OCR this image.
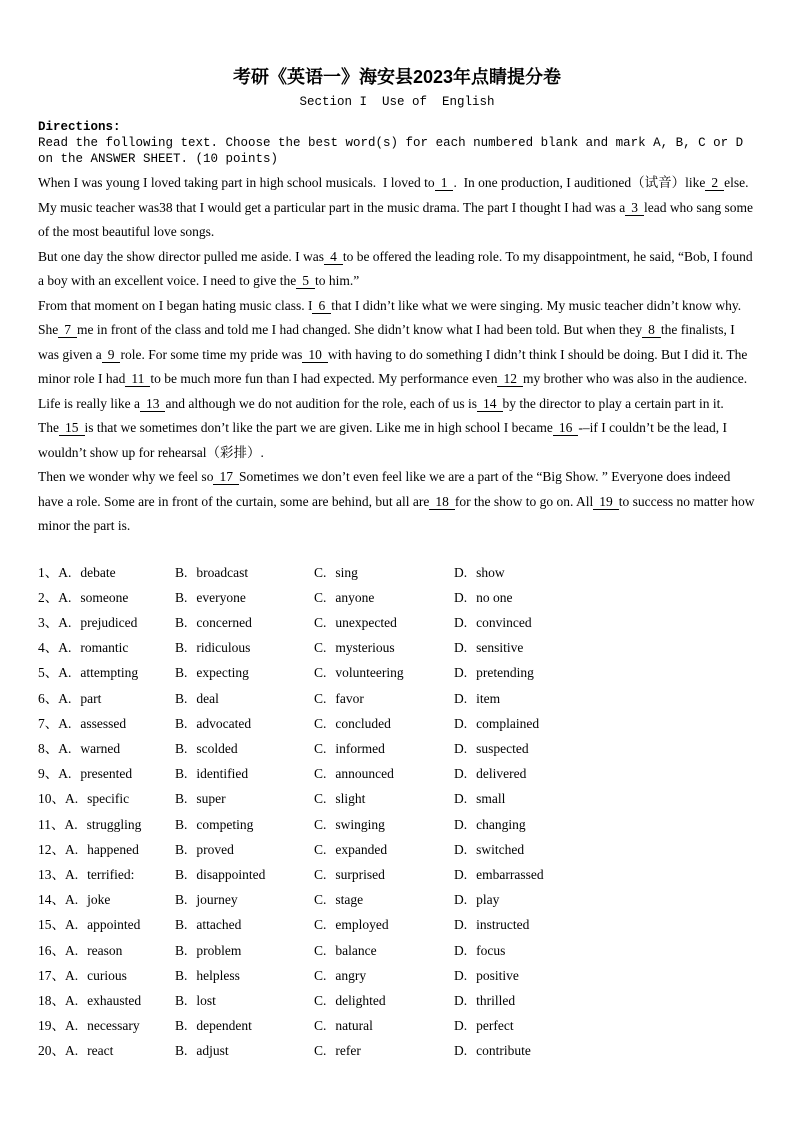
考研《英语一》海安县2023年点睛提分卷
Section I  Use of  English
Directions:
Read the following text. Choose the best word(s) for each numbered blank and mark A, B, C or D on the ANSWER SHEET. (10 points)

When I was young I loved taking part in high school musicals.  I loved to 1 .  In one production, I auditioned（试音）like 2 else. My music teacher was38 that I would get a particular part in the music drama. The part I thought I had was a 3 lead who sang some of the most beautiful love songs.

But one day the show director pulled me aside. I was 4 to be offered the leading role. To my disappointment, he said, “Bob, I found a boy with an excellent voice. I need to give the 5 to him.”

From that moment on I began hating music class. I 6 that I didn’t like what we were singing. My music teacher didn’t know why. She 7 me in front of the class and told me I had changed. She didn’t know what I had been told. But when they 8 the finalists, I was given a 9 role. For some time my pride was 10 with having to do something I didn’t think I should be doing. But I did it. The minor role I had 11 to be much more fun than I had expected. My performance even 12 my brother who was also in the audience.

Life is really like a 13 and although we do not audition for the role, each of us is 14 by the director to play a certain part in it. The 15 is that we sometimes don’t like the part we are given. Like me in high school I became 16 -–if I couldn’t be the lead, I wouldn’t show up for rehearsal（彩排）.

Then we wonder why we feel so 17 Sometimes we don’t even feel like we are a part of the “Big Show. ” Everyone does indeed have a role. Some are in front of the curtain, some are behind, but all are 18 for the show to go on. All 19 to success no matter how minor the part is.

1、A. debate	B. broadcast	C. sing	D. show
2、A. someone	B. everyone	C. anyone	D. no one
3、A. prejudiced	B. concerned	C. unexpected	D. convinced
4、A. romantic	B. ridiculous	C. mysterious	D. sensitive
5、A. attempting	B. expecting	C. volunteering	D. pretending
6、A. part	B. deal	C. favor	D. item
7、A. assessed	B. advocated	C. concluded	D. complained
8、A. warned	B. scolded	C. informed	D. suspected
9、A. presented	B. identified	C. announced	D. delivered
10、A. specific	B. super	C. slight	D. small
11、A. struggling	B. competing	C. swinging	D. changing
12、A. happened	B. proved	C. expanded	D. switched
13、A. terrified:	B. disappointed	C. surprised	D. embarrassed
14、A. joke	B. journey	C. stage	D. play
15、A. appointed	B. attached	C. employed	D. instructed
16、A. reason	B. problem	C. balance	D. focus
17、A. curious	B. helpless	C. angry	D. positive
18、A. exhausted	B. lost	C. delighted	D. thrilled
19、A. necessary	B. dependent	C. natural	D. perfect
20、A. react	B. adjust	C. refer	D. contribute
